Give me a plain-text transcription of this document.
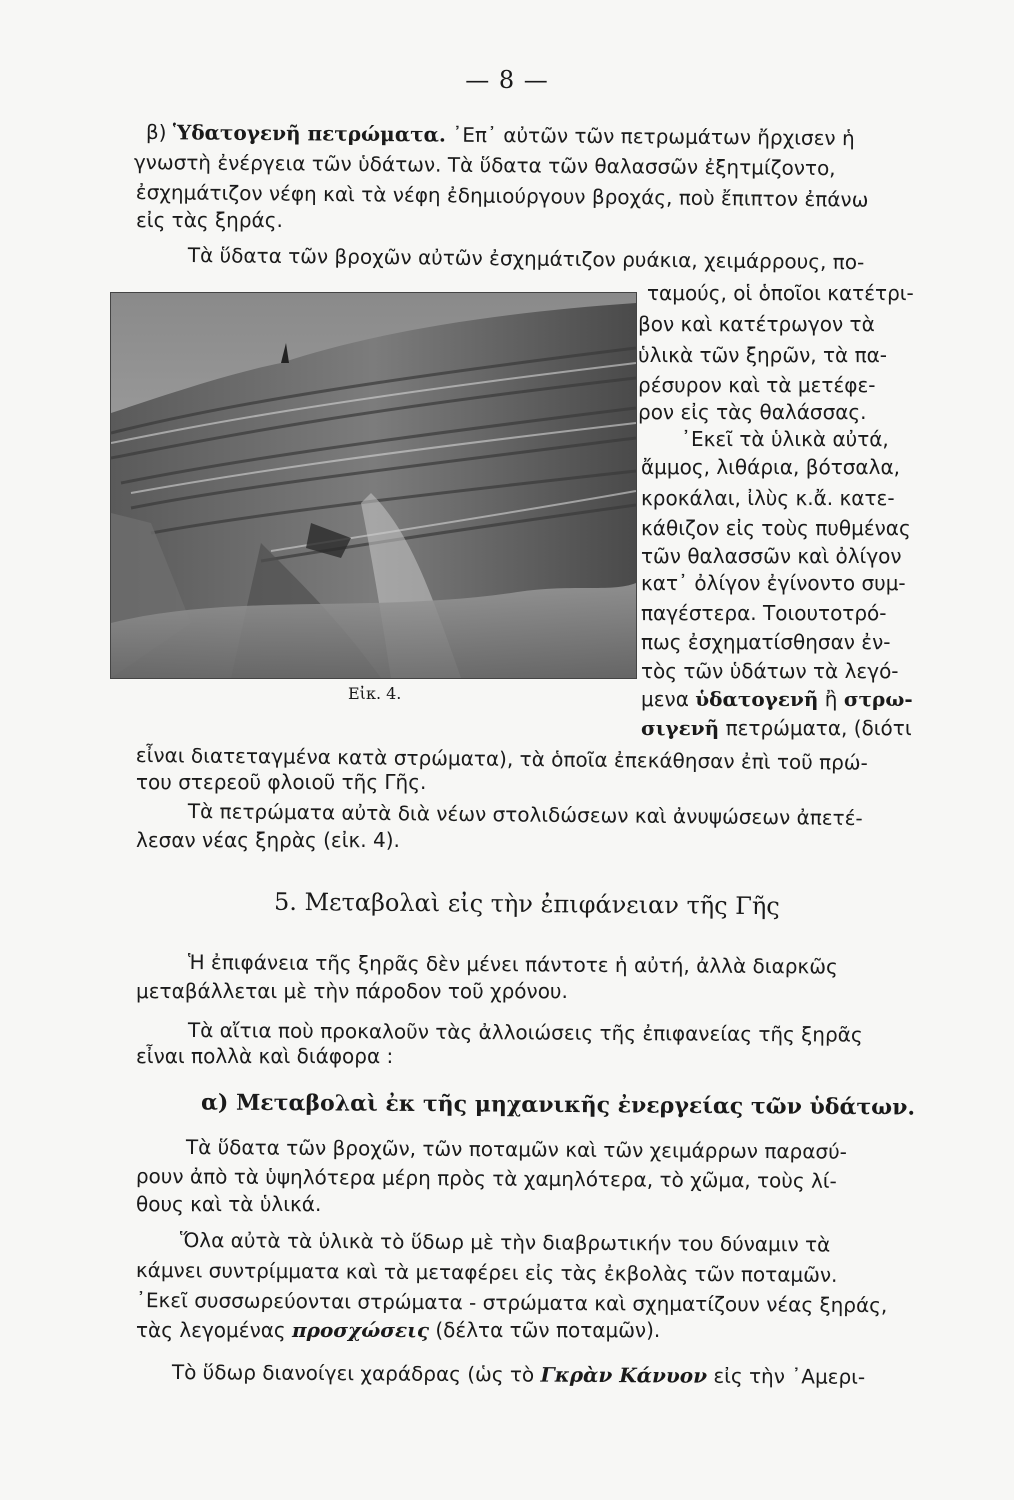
— 8 —
β) Ὑδατογενῆ πετρώματα. ᾿Επ᾿ αὐτῶν τῶν πετρωμάτων ἤρχισεν ἡ
γνωστὴ ἐνέργεια τῶν ὑδάτων. Τὰ ὕδατα τῶν θαλασσῶν ἐξητμίζοντο,
ἐσχημάτιζον νέφη καὶ τὰ νέφη ἐδημιούργουν βροχάς, ποὺ ἔπιπτον ἐπάνω
εἰς τὰς ξηράς.
Τὰ ὕδατα τῶν βροχῶν αὐτῶν ἐσχημάτιζον ρυάκια, χειμάρρους, πο-
ταμούς, οἱ ὁποῖοι κατέτρι-
βον καὶ κατέτρωγον τὰ
ὑλικὰ τῶν ξηρῶν, τὰ πα-
ρέσυρον καὶ τὰ μετέφε-
ρον εἰς τὰς θαλάσσας.
Εἰκ. 4.
᾿Εκεῖ τὰ ὑλικὰ αὐτά,
ἄμμος, λιθάρια, βότσαλα,
κροκάλαι, ἰλὺς κ.ἄ. κατε-
κάθιζον εἰς τοὺς πυθμένας
τῶν θαλασσῶν καὶ ὀλίγον
κατ᾿ ὀλίγον ἐγίνοντο συμ-
παγέστερα. Τοιουτοτρό-
πως ἐσχηματίσθησαν ἐν-
τὸς τῶν ὑδάτων τὰ λεγό-
μενα ὑδατογενῆ ἢ στρω-
σιγενῆ πετρώματα, (διότι
εἶναι διατεταγμένα κατὰ στρώματα), τὰ ὁποῖα ἐπεκάθησαν ἐπὶ τοῦ πρώ-
του στερεοῦ φλοιοῦ τῆς Γῆς.
Τὰ πετρώματα αὐτὰ διὰ νέων στολιδώσεων καὶ ἀνυψώσεων ἀπετέ-
λεσαν νέας ξηρὰς (εἰκ. 4).
5. Μεταβολαὶ εἰς τὴν ἐπιφάνειαν τῆς Γῆς
Ἡ ἐπιφάνεια τῆς ξηρᾶς δὲν μένει πάντοτε ἡ αὐτή, ἀλλὰ διαρκῶς
μεταβάλλεται μὲ τὴν πάροδον τοῦ χρόνου.
Τὰ αἴτια ποὺ προκαλοῦν τὰς ἀλλοιώσεις τῆς ἐπιφανείας τῆς ξηρᾶς
εἶναι πολλὰ καὶ διάφορα :
α) Μεταβολαὶ ἐκ τῆς μηχανικῆς ἐνεργείας τῶν ὑδάτων.
Τὰ ὕδατα τῶν βροχῶν, τῶν ποταμῶν καὶ τῶν χειμάρρων παρασύ-
ρουν ἀπὸ τὰ ὑψηλότερα μέρη πρὸς τὰ χαμηλότερα, τὸ χῶμα, τοὺς λί-
θους καὶ τὰ ὑλικά.
Ὅλα αὐτὰ τὰ ὑλικὰ τὸ ὕδωρ μὲ τὴν διαβρωτικήν του δύναμιν τὰ
κάμνει συντρίμματα καὶ τὰ μεταφέρει εἰς τὰς ἐκβολὰς τῶν ποταμῶν.
᾿Εκεῖ συσσωρεύονται στρώματα - στρώματα καὶ σχηματίζουν νέας ξηράς,
τὰς λεγομένας προσχώσεις (δέλτα τῶν ποταμῶν).
Τὸ ὕδωρ διανοίγει χαράδρας (ὡς τὸ Γκρὰν Κάνυον εἰς τὴν ᾿Αμερι-
